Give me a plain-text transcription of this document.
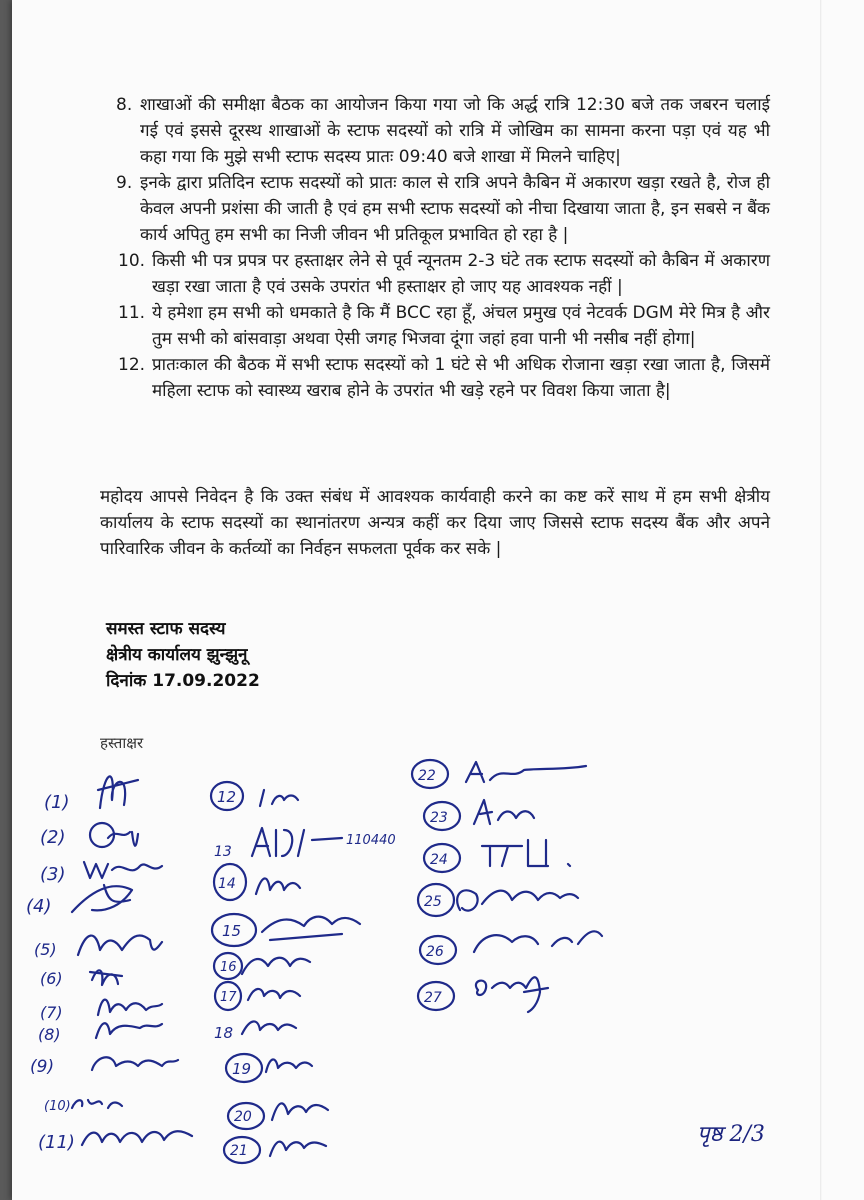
8. शाखाओं की समीक्षा बैठक का आयोजन किया गया जो कि अर्द्ध रात्रि 12:30 बजे तक जबरन चलाई गई एवं इससे दूरस्थ शाखाओं के स्टाफ सदस्यों को रात्रि में जोखिम का सामना करना पड़ा एवं यह भी कहा गया कि मुझे सभी स्टाफ सदस्य प्रातः 09:40 बजे शाखा में मिलने चाहिए|
9. इनके द्वारा प्रतिदिन स्टाफ सदस्यों को प्रातः काल से रात्रि अपने कैबिन में अकारण खड़ा रखते है, रोज ही केवल अपनी प्रशंसा की जाती है एवं हम सभी स्टाफ सदस्यों को नीचा दिखाया जाता है, इन सबसे न बैंक कार्य अपितु हम सभी का निजी जीवन भी प्रतिकूल प्रभावित हो रहा है |
10. किसी भी पत्र प्रपत्र पर हस्ताक्षर लेने से पूर्व न्यूनतम 2-3 घंटे तक स्टाफ सदस्यों को कैबिन में अकारण खड़ा रखा जाता है एवं उसके उपरांत भी हस्ताक्षर हो जाए यह आवश्यक नहीं |
11. ये हमेशा हम सभी को धमकाते है कि मैं BCC रहा हूँ, अंचल प्रमुख एवं नेटवर्क DGM मेरे मित्र है और तुम सभी को बांसवाड़ा अथवा ऐसी जगह भिजवा दूंगा जहां हवा पानी भी नसीब नहीं होगा|
12. प्रातःकाल की बैठक में सभी स्टाफ सदस्यों को 1 घंटे से भी अधिक रोजाना खड़ा रखा जाता है, जिसमें महिला स्टाफ को स्वास्थ्य खराब होने के उपरांत भी खड़े रहने पर विवश किया जाता है|

महोदय आपसे निवेदन है कि उक्त संबंध में आवश्यक कार्यवाही करने का कष्ट करें साथ में हम सभी क्षेत्रीय कार्यालय के स्टाफ सदस्यों का स्थानांतरण अन्यत्र कहीं कर दिया जाए जिससे स्टाफ सदस्य बैंक और अपने पारिवारिक जीवन के कर्तव्यों का निर्वहन सफलता पूर्वक कर सके |

समस्त स्टाफ सदस्य
क्षेत्रीय कार्यालय झुन्झुनू
दिनांक 17.09.2022
हस्ताक्षर
(1)
(2)
(3)
(4)
(5)
(6)
(7)
(8)
(9)
(10)
(11)
12
13
110440
14
15
16
17
18
19
20
21
22
23
24
25
26
27
पृष्ठ 2/3
